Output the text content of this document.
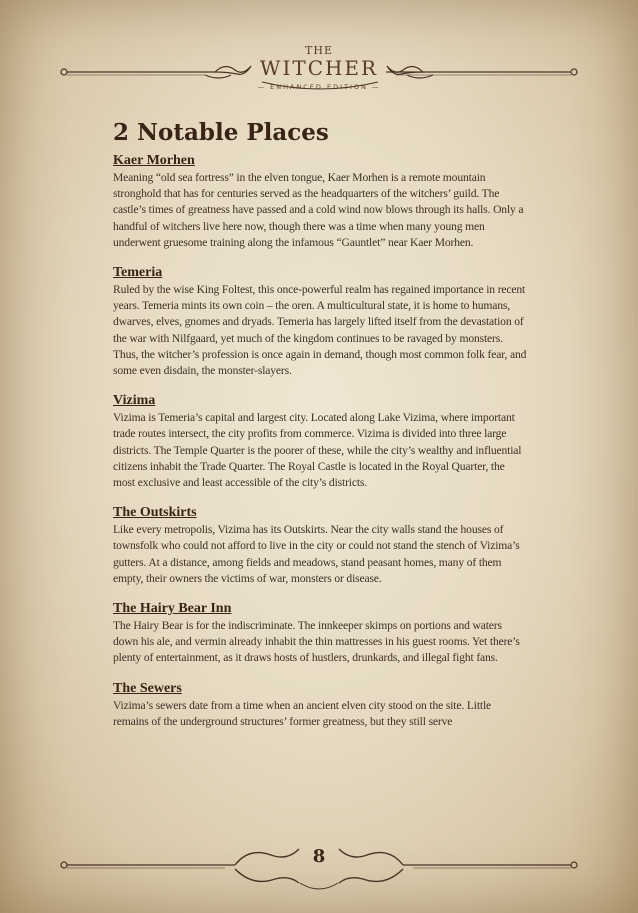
THE
WITCHER
— ENHANCED EDITION —
2 Notable Places
Kaer Morhen

Meaning “old sea fortress” in the elven tongue, Kaer Morhen is a remote mountain stronghold that has for centuries served as the headquarters of the witchers’ guild. The castle’s times of greatness have passed and a cold wind now blows through its halls. Only a handful of witchers live here now, though there was a time when many young men underwent gruesome training along the infamous “Gauntlet” near Kaer Morhen.

Temeria

Ruled by the wise King Foltest, this once-powerful realm has regained importance in recent years. Temeria mints its own coin – the oren. A multicultural state, it is home to humans, dwarves, elves, gnomes and dryads. Temeria has largely lifted itself from the devastation of the war with Nilfgaard, yet much of the kingdom continues to be ravaged by monsters. Thus, the witcher’s profession is once again in demand, though most common folk fear, and some even disdain, the monster-slayers.

Vizima

Vizima is Temeria’s capital and largest city. Located along Lake Vizima, where important trade routes intersect, the city profits from commerce. Vizima is divided into three large districts. The Temple Quarter is the poorer of these, while the city’s wealthy and influential citizens inhabit the Trade Quarter. The Royal Castle is located in the Royal Quarter, the most exclusive and least accessible of the city’s districts.

The Outskirts

Like every metropolis, Vizima has its Outskirts. Near the city walls stand the houses of townsfolk who could not afford to live in the city or could not stand the stench of Vizima’s gutters. At a distance, among fields and meadows, stand peasant homes, many of them empty, their owners the victims of war, monsters or disease.

The Hairy Bear Inn

The Hairy Bear is for the indiscriminate. The innkeeper skimps on portions and waters down his ale, and vermin already inhabit the thin mattresses in his guest rooms. Yet there’s plenty of entertainment, as it draws hosts of hustlers, drunkards, and illegal fight fans.

The Sewers

Vizima’s sewers date from a time when an ancient elven city stood on the site. Little remains of the underground structures’ former greatness, but they still serve

8
